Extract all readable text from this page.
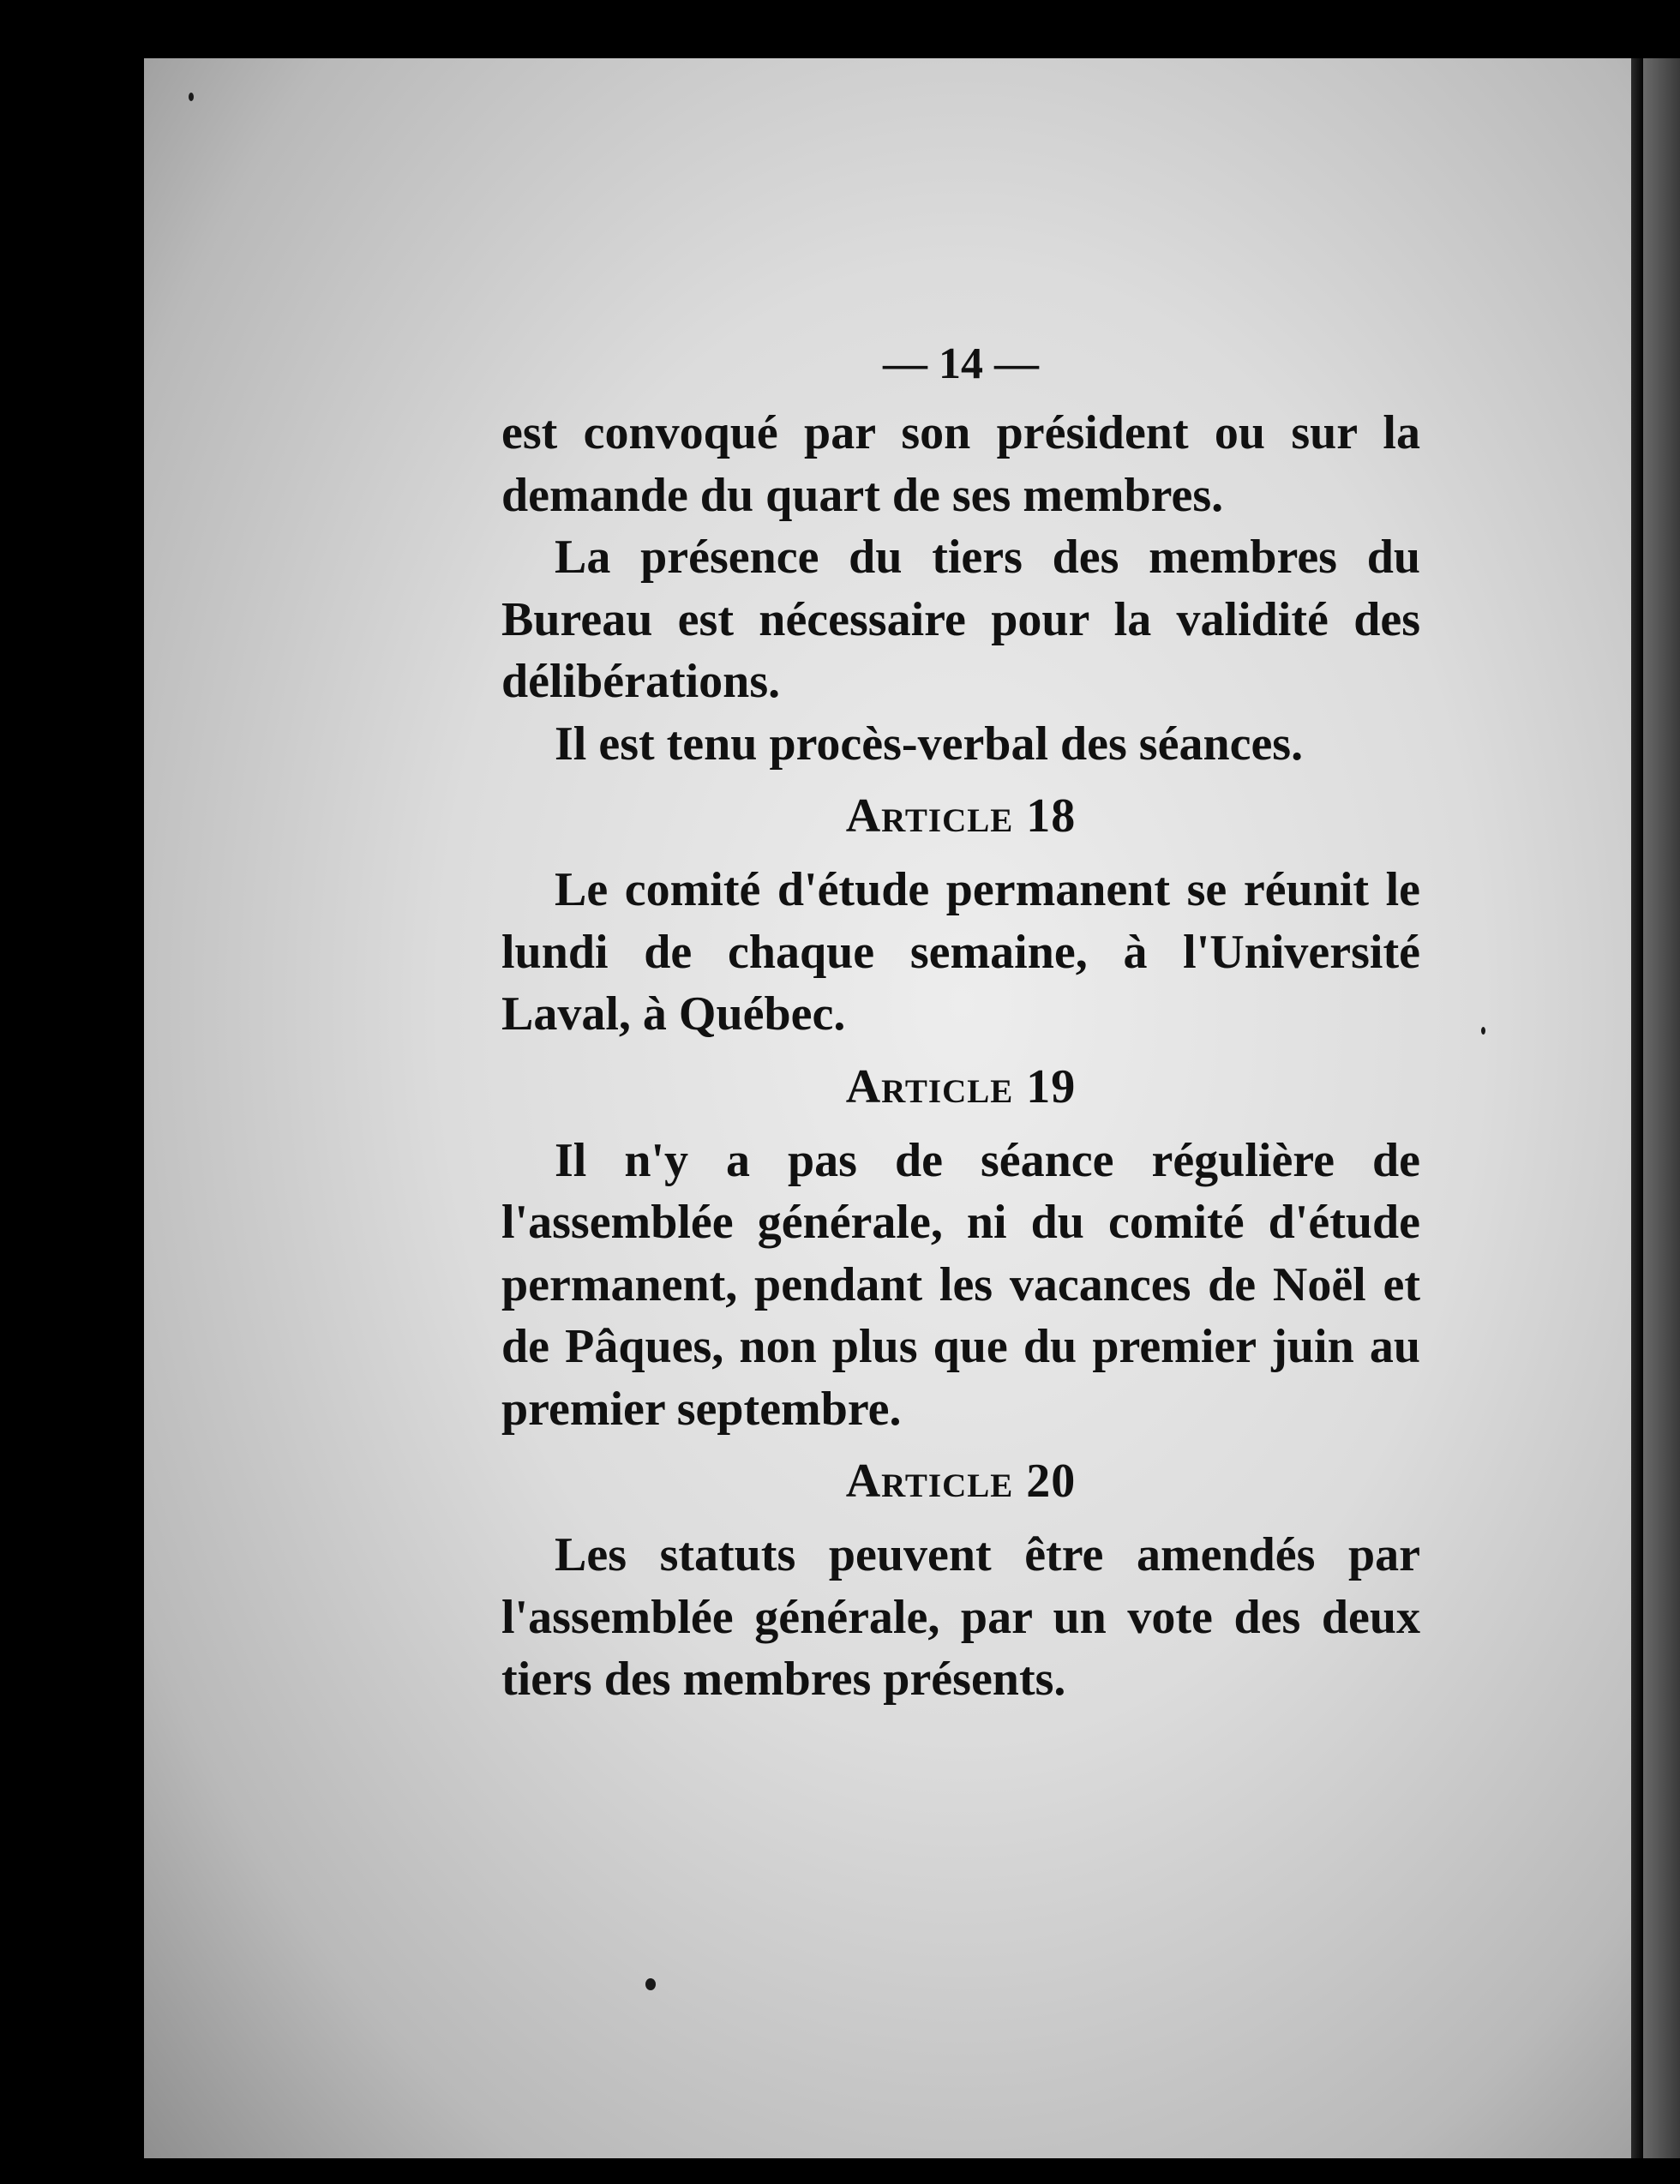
— 14 —

est convoqué par son président ou sur la demande du quart de ses membres.

La présence du tiers des membres du Bureau est nécessaire pour la validité des délibérations.

Il est tenu procès-verbal des séances.

Article 18

Le comité d'étude permanent se réunit le lundi de chaque semaine, à l'Université Laval, à Québec.

Article 19

Il n'y a pas de séance régulière de l'assemblée générale, ni du comité d'étude permanent, pendant les vacances de Noël et de Pâques, non plus que du premier juin au premier septembre.

Article 20

Les statuts peuvent être amendés par l'assemblée générale, par un vote des deux tiers des membres présents.
